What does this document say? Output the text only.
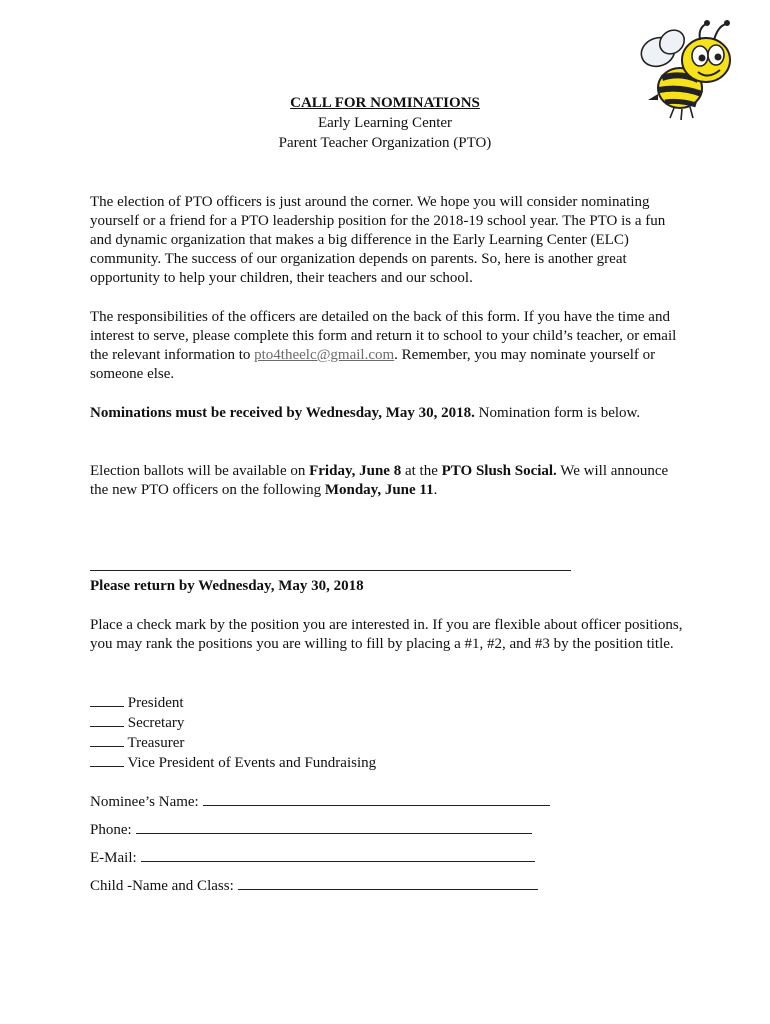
CALL FOR NOMINATIONS
Early Learning Center
Parent Teacher Organization (PTO)

The election of PTO officers is just around the corner. We hope you will consider nominating yourself or a friend for a PTO leadership position for the 2018-19 school year. The PTO is a fun and dynamic organization that makes a big difference in the Early Learning Center (ELC) community. The success of our organization depends on parents. So, here is another great opportunity to help your children, their teachers and our school.

The responsibilities of the officers are detailed on the back of this form. If you have the time and interest to serve, please complete this form and return it to school to your child’s teacher, or email the relevant information to pto4theelc@gmail.com. Remember, you may nominate yourself or someone else.

Nominations must be received by Wednesday, May 30, 2018. Nomination form is below.

Election ballots will be available on Friday, June 8 at the PTO Slush Social. We will announce the new PTO officers on the following Monday, June 11.

Please return by Wednesday, May 30, 2018

Place a check mark by the position you are interested in. If you are flexible about officer positions, you may rank the positions you are willing to fill by placing a #1, #2, and #3 by the position title.

President
Secretary
Treasurer
Vice President of Events and Fundraising
Nominee’s Name:
Phone:
E-Mail:
Child -Name and Class:
